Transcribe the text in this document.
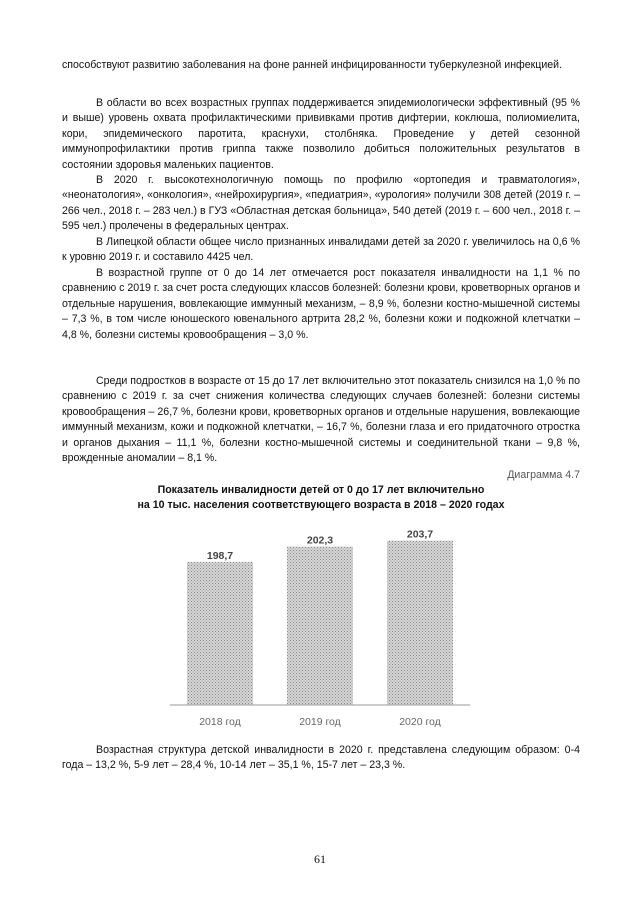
способствуют развитию заболевания на фоне ранней инфицированности туберкулезной инфекцией.

В области во всех возрастных группах поддерживается эпидемиологически эффективный (95 % и выше) уровень охвата профилактическими прививками против дифтерии, коклюша, полиомиелита, кори, эпидемического паротита, краснухи, столбняка. Проведение у детей сезонной иммунопрофилактики против гриппа также позволило добиться положительных результатов в состоянии здоровья маленьких пациентов.

В 2020 г. высокотехнологичную помощь по профилю «ортопедия и травматология», «неонатология», «онкология», «нейрохирургия», «педиатрия», «урология» получили 308 детей (2019 г. – 266 чел., 2018 г. – 283 чел.) в ГУЗ «Областная детская больница», 540 детей (2019 г. – 600 чел., 2018 г. – 595 чел.) пролечены в федеральных центрах.

В Липецкой области общее число признанных инвалидами детей за 2020 г. увеличилось на 0,6 % к уровню 2019 г. и составило 4425 чел.

В возрастной группе от 0 до 14 лет отмечается рост показателя инвалидности на 1,1 % по сравнению с 2019 г. за счет роста следующих классов болезней: болезни крови, кроветворных органов и отдельные нарушения, вовлекающие иммунный механизм, – 8,9 %, болезни костно-мышечной системы – 7,3 %, в том числе юношеского ювенального артрита 28,2 %, болезни кожи и подкожной клетчатки – 4,8 %, болезни системы кровообращения – 3,0 %.

Среди подростков в возрасте от 15 до 17 лет включительно этот показатель снизился на 1,0 % по сравнению с 2019 г. за счет снижения количества следующих случаев болезней: болезни системы кровообращения – 26,7 %, болезни крови, кроветворных органов и отдельные нарушения, вовлекающие иммунный механизм, кожи и подкожной клетчатки, – 16,7 %, болезни глаза и его придаточного отростка и органов дыхания – 11,1 %, болезни костно-мышечной системы и соединительной ткани – 9,8 %, врожденные аномалии – 8,1 %.

Диаграмма 4.7
Показатель инвалидности детей от 0 до 17 лет включительно
на 10 тыс. населения соответствующего возраста в 2018 – 2020 годах
198,7
202,3	203,7
2018 год	2019 год	2020 год

Возрастная структура детской инвалидности в 2020 г. представлена следующим образом: 0-4 года – 13,2 %, 5-9 лет – 28,4 %, 10-14 лет – 35,1 %, 15-7 лет – 23,3 %.

61
